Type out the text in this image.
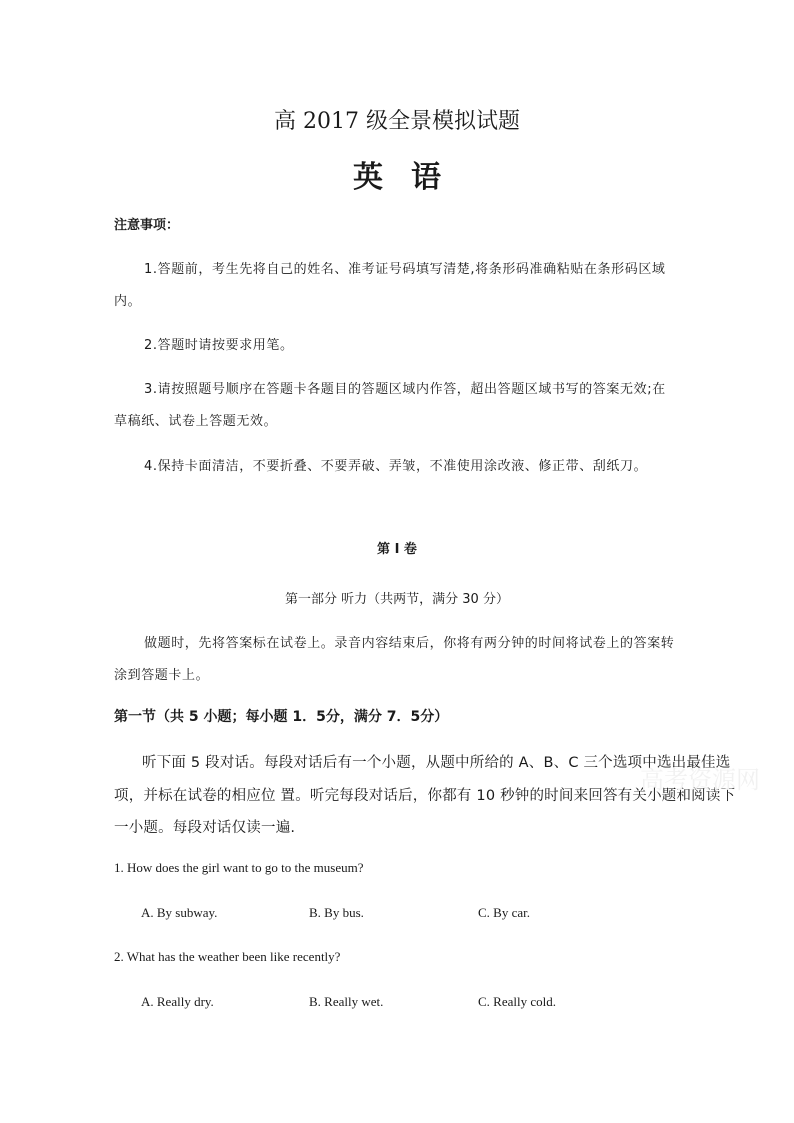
高 2017 级全景模拟试题
英语
注意事项：
1.答题前，考生先将自己的姓名、准考证号码填写清楚,将条形码准确粘贴在条形码区域
内。
2.答题时请按要求用笔。
3.请按照题号顺序在答题卡各题目的答题区域内作答，超出答题区域书写的答案无效;在
草稿纸、试卷上答题无效。
4.保持卡面清洁，不要折叠、不要弄破、弄皱，不准使用涂改液、修正带、刮纸刀。
第 I 卷
第一部分 听力（共两节，满分 30 分）
做题时，先将答案标在试卷上。录音内容结束后，你将有两分钟的时间将试卷上的答案转
涂到答题卡上。
第一节（共 5 小题；每小题 1．5分，满分 7．5分）
听下面 5 段对话。每段对话后有一个小题，从题中所给的 A、B、C 三个选项中选出最佳选
项，并标在试卷的相应位 置。听完每段对话后，你都有 10 秒钟的时间来回答有关小题和阅读下
一小题。每段对话仅读一遍.
1. How does the girl want to go to the museum?
A. By subway.	B. By bus.	C. By car.
2. What has the weather been like recently?
A. Really dry.	B. Really wet.	C. Really cold.
高考资源网
